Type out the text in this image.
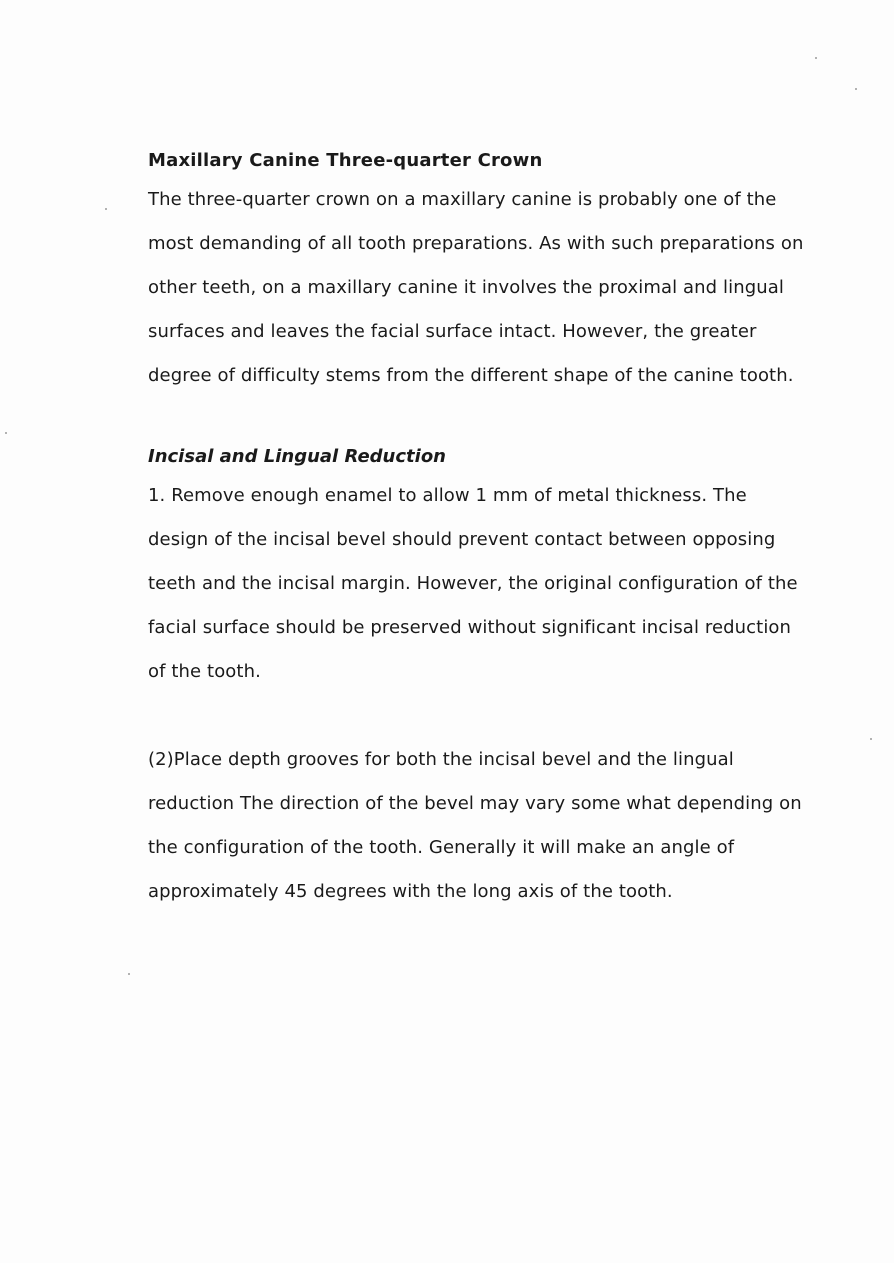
Maxillary Canine Three-quarter Crown

The three-quarter crown on a maxillary canine is probably one of the most demanding of all tooth preparations. As with such preparations on other teeth, on a maxillary canine it involves the proximal and lingual surfaces and leaves the facial surface intact. However, the greater degree of difficulty stems from the different shape of the canine tooth.

Incisal and Lingual Reduction

1. Remove enough enamel to allow 1 mm of metal thickness. The design of the incisal bevel should prevent contact between opposing teeth and the incisal margin. However, the original configuration of the facial surface should be preserved without significant incisal reduction of the tooth.

(2)Place depth grooves for both the incisal bevel and the lingual reduction The direction of the bevel may vary some what depending on the configuration of the tooth. Generally it will make an angle of approximately 45 degrees with the long axis of the tooth.
